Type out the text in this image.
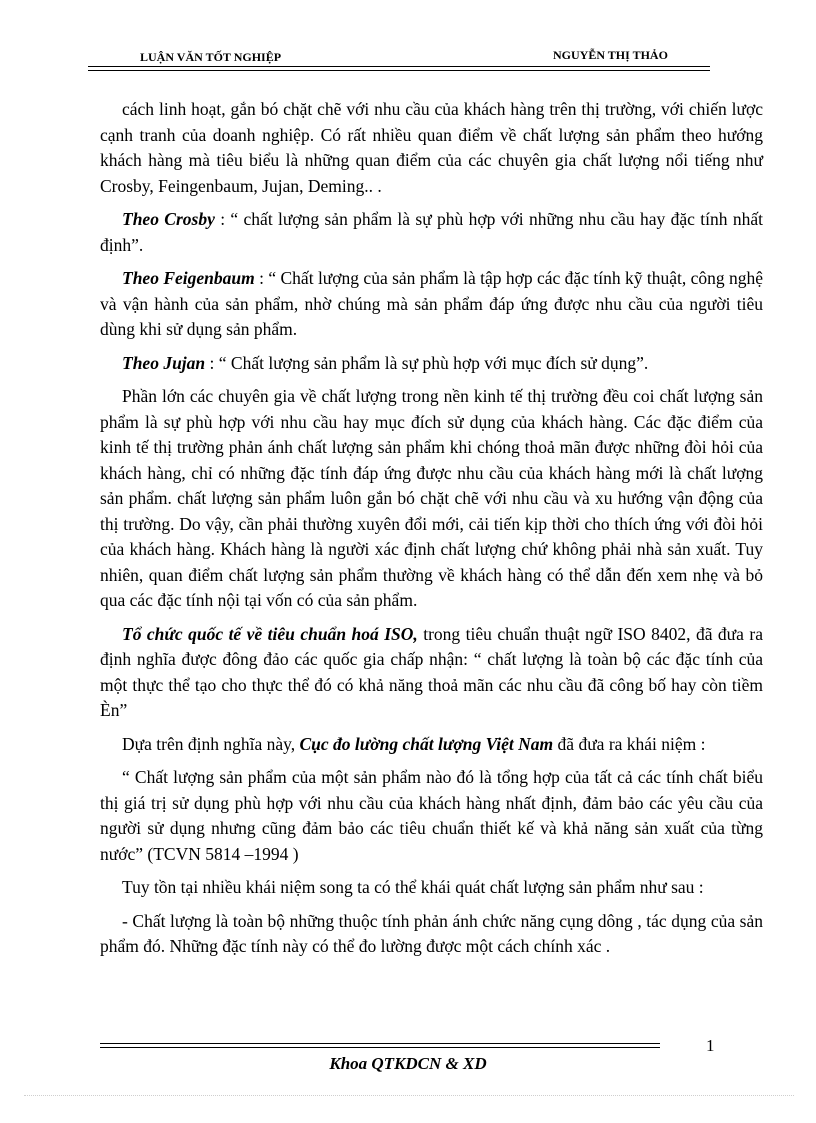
LUẬN VĂN TỐT NGHIỆP	NGUYỄN THỊ THẢO

cách linh hoạt, gắn bó chặt chẽ với nhu cầu của khách hàng trên thị trường, với chiến lược cạnh tranh của doanh nghiệp. Có rất nhiều quan điểm về chất lượng sản phẩm theo hướng khách hàng mà tiêu biểu là những quan điểm của các chuyên gia chất lượng nổi tiếng như Crosby, Feingenbaum, Jujan, Deming.. .

Theo Crosby : “ chất lượng sản phẩm là sự phù hợp với những nhu cầu hay đặc tính nhất định”.

Theo Feigenbaum : “ Chất lượng của sản phẩm là tập hợp các đặc tính kỹ thuật, công nghệ và vận hành của sản phẩm, nhờ chúng mà sản phẩm đáp ứng được nhu cầu của người tiêu dùng khi sử dụng sản phẩm.

Theo Jujan : “ Chất lượng sản phẩm là sự phù hợp với mục đích sử dụng”.

Phần lớn các chuyên gia về chất lượng trong nền kinh tế thị trường đều coi chất lượng sản phẩm là sự phù hợp với nhu cầu hay mục đích sử dụng của khách hàng. Các đặc điểm của kinh tế thị trường phản ánh chất lượng sản phẩm khi chóng thoả mãn được những đòi hỏi của khách hàng, chỉ có những đặc tính đáp ứng được nhu cầu của khách hàng mới là chất lượng sản phẩm. chất lượng sản phẩm luôn gắn bó chặt chẽ với nhu cầu và xu hướng vận động của thị trường. Do vậy, cần phải thường xuyên đổi mới, cải tiến kịp thời cho thích ứng với đòi hỏi của khách hàng. Khách hàng là người xác định chất lượng chứ không phải nhà sản xuất. Tuy nhiên, quan điểm chất lượng sản phẩm thường về khách hàng có thể dẫn đến xem nhẹ và bỏ qua các đặc tính nội tại vốn có của sản phẩm.

Tổ chức quốc tế về tiêu chuẩn hoá ISO, trong tiêu chuẩn thuật ngữ ISO 8402, đã đưa ra định nghĩa được đông đảo các quốc gia chấp nhận: “ chất lượng là toàn bộ các đặc tính của một thực thể tạo cho thực thể đó có khả năng thoả mãn các nhu cầu đã công bố hay còn tiềm Èn”

Dựa trên định nghĩa này, Cục đo lường chất lượng Việt Nam đã đưa ra khái niệm :

“ Chất lượng sản phẩm của một sản phẩm nào đó là tổng hợp của tất cả các tính chất biểu thị giá trị sử dụng phù hợp với nhu cầu của khách hàng nhất định, đảm bảo các yêu cầu của người sử dụng nhưng cũng đảm bảo các tiêu chuẩn thiết kế và khả năng sản xuất của từng nước” (TCVN 5814 –1994 )

Tuy tồn tại nhiều khái niệm song ta có thể khái quát chất lượng sản phẩm như sau :

- Chất lượng là toàn bộ những thuộc tính phản ánh chức năng cụng dông , tác dụng của sản phẩm đó. Những đặc tính này có thể đo lường được một cách chính xác .

1
Khoa QTKDCN & XD
